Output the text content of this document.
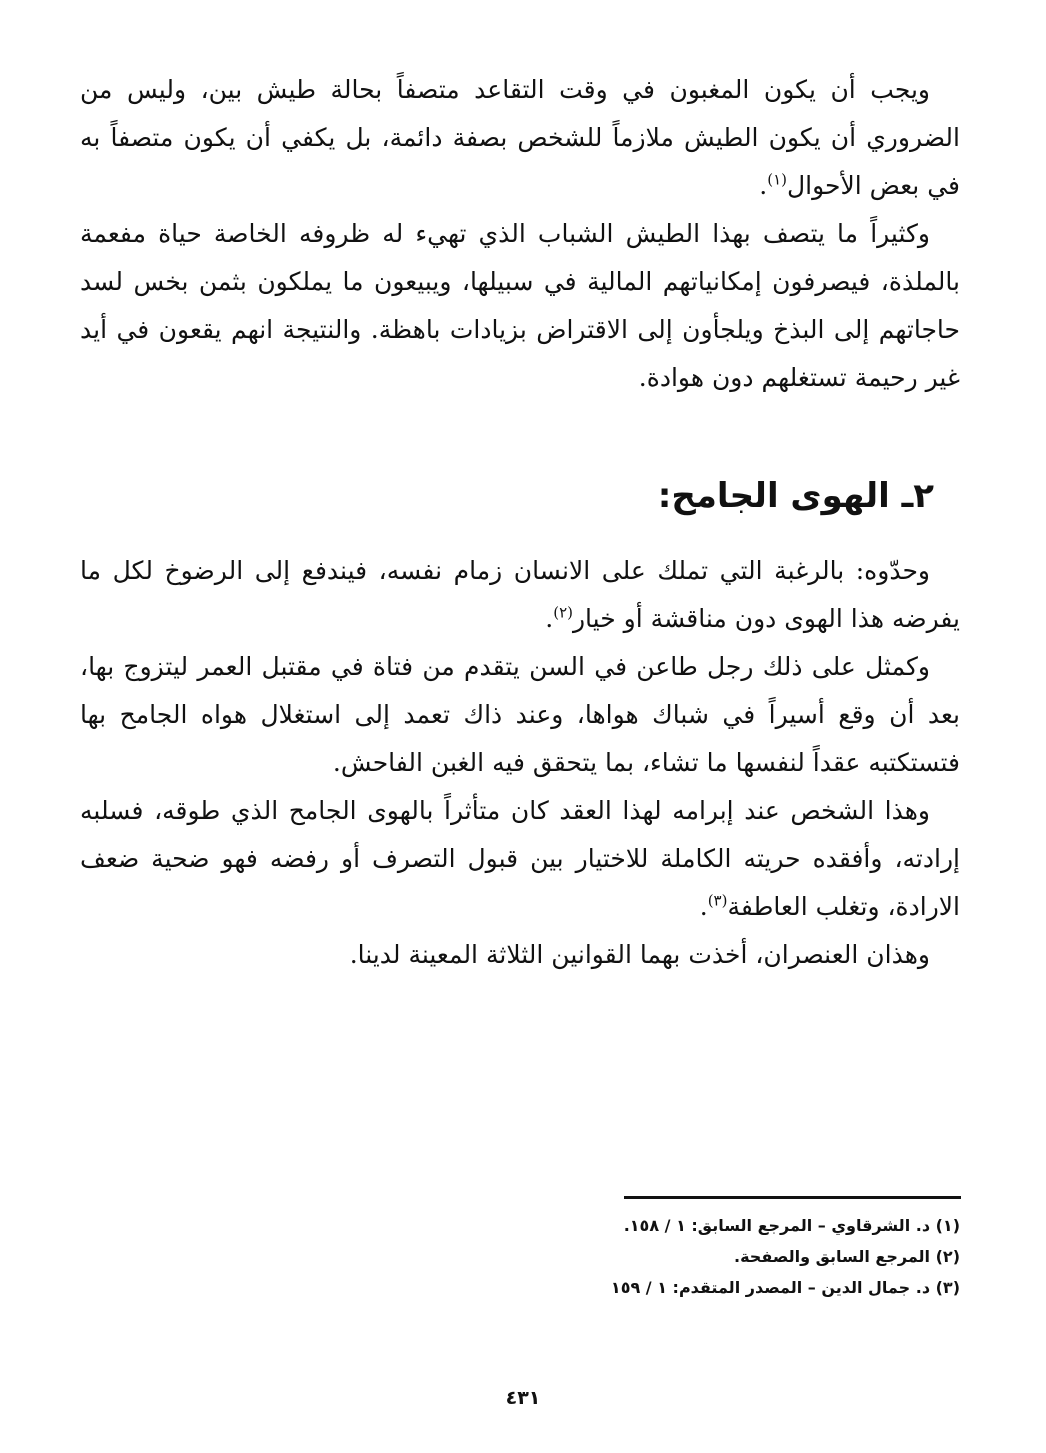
ويجب أن يكون المغبون في وقت التقاعد متصفاً بحالة طيش بين، وليس من الضروري أن يكون الطيش ملازماً للشخص بصفة دائمة، بل يكفي أن يكون متصفاً به في بعض الأحوال$^{(١)}$.

وكثيراً ما يتصف بهذا الطيش الشباب الذي تهيء له ظروفه الخاصة حياة مفعمة بالملذة، فيصرفون إمكانياتهم المالية في سبيلها، ويبيعون ما يملكون بثمن بخس لسد حاجاتهم إلى البذخ ويلجأون إلى الاقتراض بزيادات باهظة. والنتيجة انهم يقعون في أيد غير رحيمة تستغلهم دون هوادة.

٢ـ الهوى الجامح:

وحدّوه: بالرغبة التي تملك على الانسان زمام نفسه، فيندفع إلى الرضوخ لكل ما يفرضه هذا الهوى دون مناقشة أو خيار$^{(٢)}$.

وكمثل على ذلك رجل طاعن في السن يتقدم من فتاة في مقتبل العمر ليتزوج بها، بعد أن وقع أسيراً في شباك هواها، وعند ذاك تعمد إلى استغلال هواه الجامح بها فتستكتبه عقداً لنفسها ما تشاء، بما يتحقق فيه الغبن الفاحش.

وهذا الشخص عند إبرامه لهذا العقد كان متأثراً بالهوى الجامح الذي طوقه، فسلبه إرادته، وأفقده حريته الكاملة للاختيار بين قبول التصرف أو رفضه فهو ضحية ضعف الارادة، وتغلب العاطفة$^{(٣)}$.

وهذان العنصران، أخذت بهما القوانين الثلاثة المعينة لدينا.

(١) د. الشرقاوي – المرجع السابق: ١ / ١٥٨.

(٢) المرجع السابق والصفحة.

(٣) د. جمال الدين – المصدر المتقدم: ١ / ١٥٩

٤٣١
